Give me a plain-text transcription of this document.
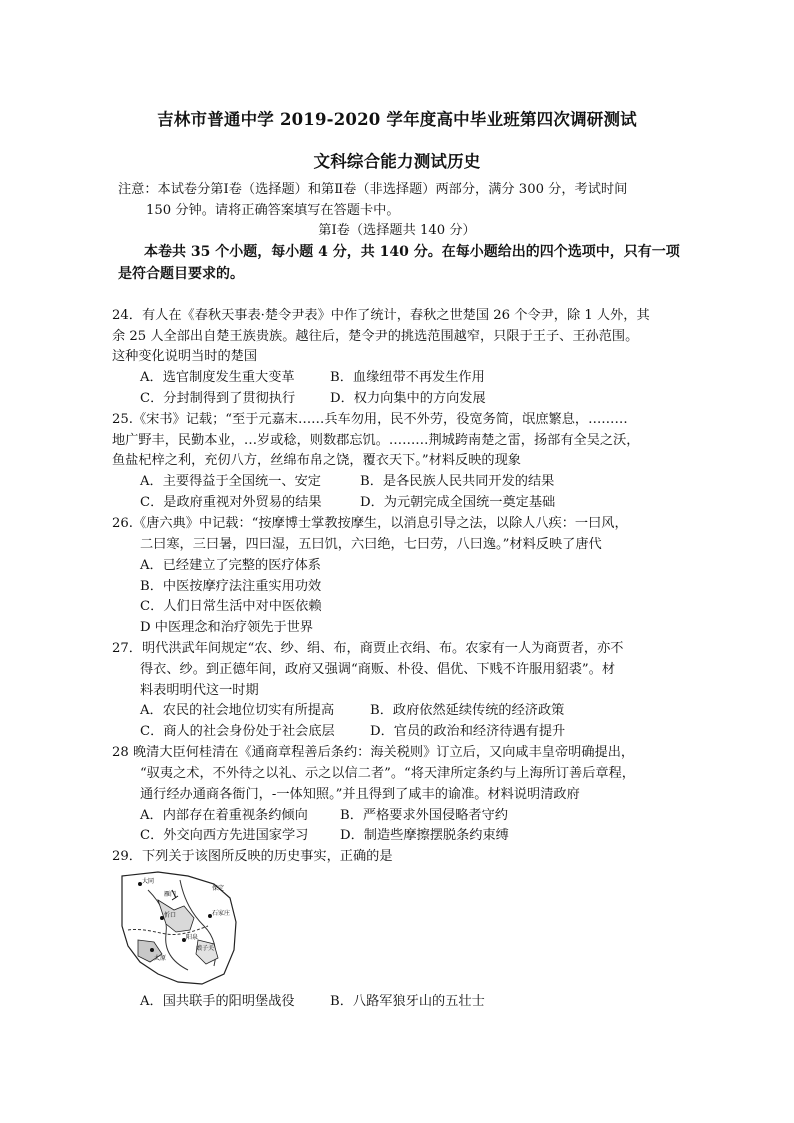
吉林市普通中学 2019-2020 学年度高中毕业班第四次调研测试
文科综合能力测试历史
注意：本试卷分第Ⅰ卷（选择题）和第Ⅱ卷（非选择题）两部分，满分 300 分，考试时间
150 分钟。请将正确答案填写在答题卡中。
第Ⅰ卷（选择题共 140 分）
本卷共 35 个小题，每小题 4 分，共 140 分。在每小题给出的四个选项中，只有一项
是符合题目要求的。
24．有人在《春秋天事表·楚令尹表》中作了统计，春秋之世楚国 26 个令尹，除 1 人外，其
余 25 人全部出自楚王族贵族。越往后，楚令尹的挑选范围越窄，只限于王子、王孙范围。
这种变化说明当时的楚国
A．选官制度发生重大变革	B．血缘纽带不再发生作用
C．分封制得到了贯彻执行	D．权力向集中的方向发展
25.《宋书》记载；“至于元嘉末……兵车勿用，民不外劳，役宽务简，氓庶繁息，………
地广野丰，民勤本业，…岁或稔，则数郡忘饥。………荆城跨南楚之雷，扬部有全吴之沃，
鱼盐杞梓之利，充仞八方，丝绵布帛之饶，覆衣天下。”材料反映的现象
A．主要得益于全国统一、安定	B．是各民族人民共同开发的结果
C．是政府重视对外贸易的结果	D．为元朝完成全国统一奠定基础
26.《唐六典》中记载：“按摩博士掌教按摩生，以消息引导之法，以除人八疾：一曰风，
二曰寒，三曰暑，四曰湿，五曰饥，六曰绝，七曰劳，八曰逸。”材料反映了唐代
A．已经建立了完整的医疗体系
B．中医按摩疗法注重实用功效
C．人们日常生活中对中医依赖
D 中医理念和治疗领先于世界
27．明代洪武年间规定“农、纱、绢、布，商贾止衣绢、布。农家有一人为商贾者，亦不
得衣、纱。到正德年间，政府又强调“商贩、朴役、倡优、下贱不许服用貂裘”。材
料表明明代这一时期
A．农民的社会地位切实有所提高	B．政府依然延续传统的经济政策
C．商人的社会身份处于社会底层	D．官员的政治和经济待遇有提升
28 晚清大臣何桂清在《通商章程善后条约：海关税则》订立后，又向咸丰皇帝明确提出，
“驭夷之术，不外待之以礼、示之以信二者”。“将天津所定条约与上海所订善后章程，
通行经办通商各衙门，-一体知照。”并且得到了咸丰的谕准。材料说明清政府
A．内部存在着重视条约倾向 B．严格要求外国侵略者守约
C．外交向西方先进国家学习 D．制造些摩擦摆脱条约束缚
29．下列关于该图所反映的历史事实，正确的是
大同
雁门
忻口
太原
阳泉
娘子关
石家庄
保定
A．国共联手的阳明堡战役	B．八路军狼牙山的五壮士
